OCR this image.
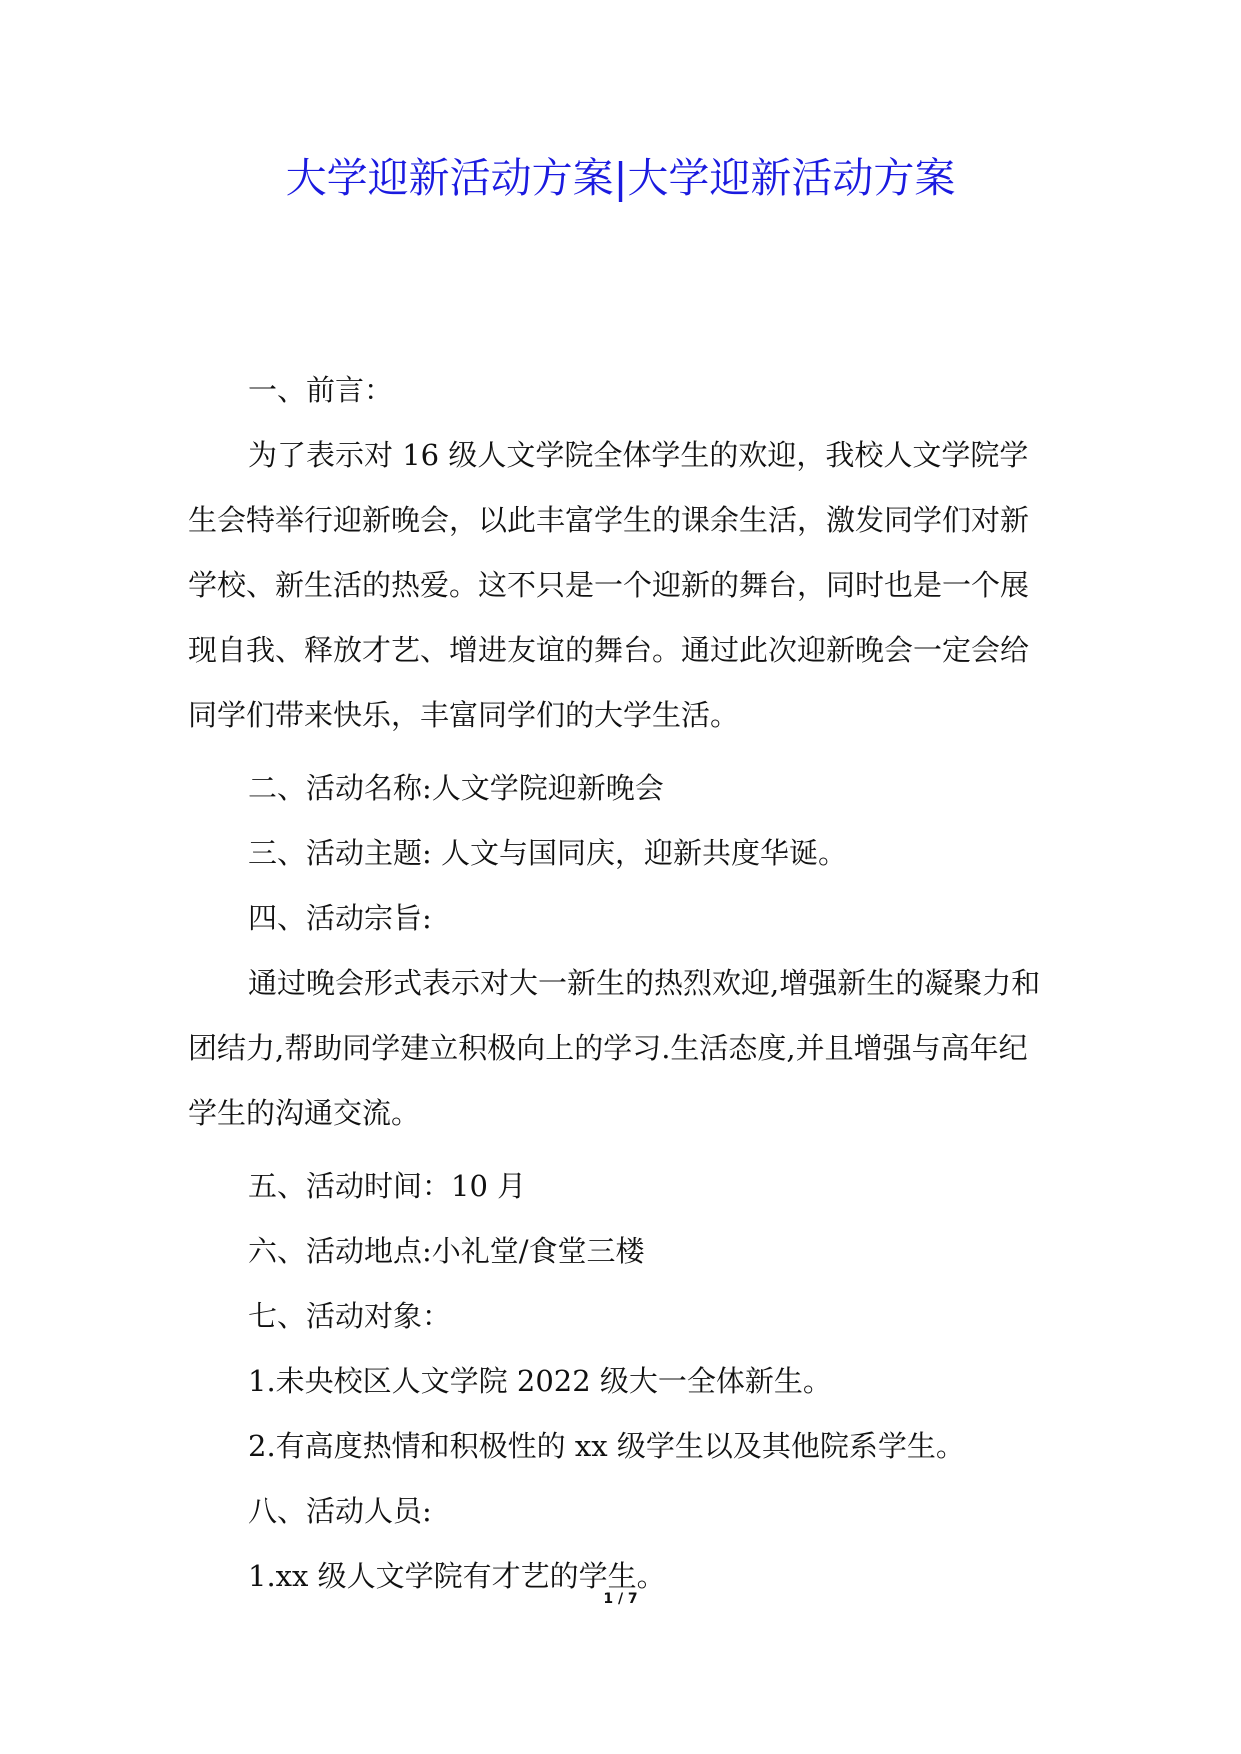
大学迎新活动方案|大学迎新活动方案
一、前言：

为了表示对 16 级人文学院全体学生的欢迎，我校人文学院学生会特举行迎新晚会，以此丰富学生的课余生活，激发同学们对新学校、新生活的热爱。这不只是一个迎新的舞台，同时也是一个展现自我、释放才艺、增进友谊的舞台。通过此次迎新晚会一定会给同学们带来快乐，丰富同学们的大学生活。

二、活动名称:人文学院迎新晚会
三、活动主题: 人文与国同庆，迎新共度华诞。
四、活动宗旨:

通过晚会形式表示对大一新生的热烈欢迎,增强新生的凝聚力和团结力,帮助同学建立积极向上的学习.生活态度,并且增强与高年纪学生的沟通交流。

五、活动时间：10 月
六、活动地点:小礼堂/食堂三楼
七、活动对象：
1.未央校区人文学院 2022 级大一全体新生。
2.有高度热情和积极性的 xx 级学生以及其他院系学生。
八、活动人员:
1.xx 级人文学院有才艺的学生。
1 / 7
